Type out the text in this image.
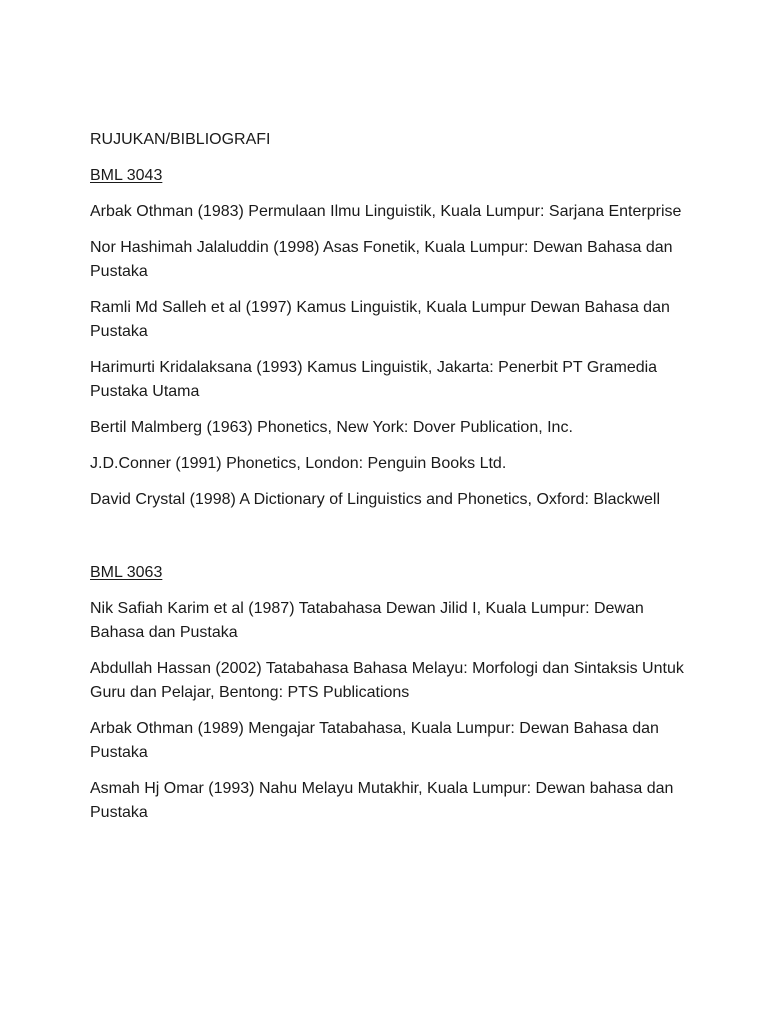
RUJUKAN/BIBLIOGRAFI
BML 3043
Arbak Othman (1983) Permulaan Ilmu Linguistik, Kuala Lumpur: Sarjana Enterprise
Nor Hashimah Jalaluddin (1998) Asas Fonetik, Kuala Lumpur: Dewan Bahasa dan Pustaka
Ramli Md Salleh et al (1997) Kamus Linguistik, Kuala Lumpur Dewan Bahasa dan Pustaka
Harimurti Kridalaksana (1993) Kamus Linguistik, Jakarta: Penerbit PT Gramedia Pustaka Utama
Bertil Malmberg (1963) Phonetics, New York: Dover Publication, Inc.
J.D.Conner (1991) Phonetics, London: Penguin Books Ltd.
David Crystal (1998) A Dictionary of Linguistics and Phonetics, Oxford: Blackwell
BML 3063
Nik Safiah Karim et al (1987) Tatabahasa Dewan Jilid I, Kuala Lumpur: Dewan Bahasa dan Pustaka
Abdullah Hassan (2002) Tatabahasa Bahasa Melayu: Morfologi dan Sintaksis Untuk Guru dan Pelajar, Bentong: PTS Publications
Arbak Othman (1989) Mengajar Tatabahasa, Kuala Lumpur: Dewan Bahasa dan Pustaka
Asmah Hj Omar (1993) Nahu Melayu Mutakhir, Kuala Lumpur: Dewan bahasa dan Pustaka
